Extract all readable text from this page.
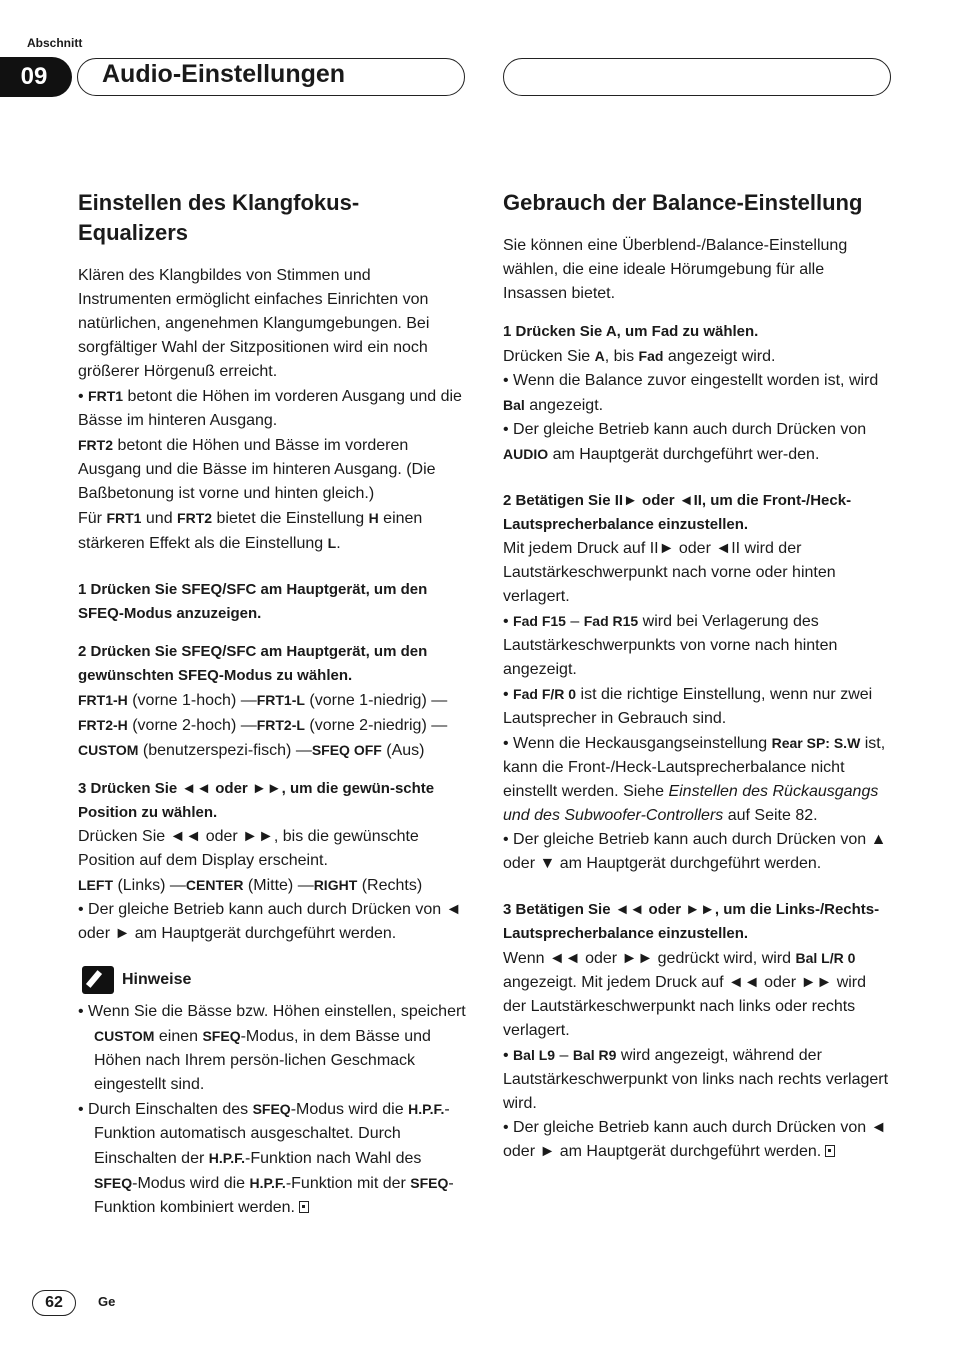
Abschnitt
09	Audio-Einstellungen
Einstellen des Klangfokus-Equalizers

Klären des Klangbildes von Stimmen und Instrumenten ermöglicht einfaches Einrichten von natürlichen, angenehmen Klangumgebungen. Bei sorgfältiger Wahl der Sitzpositionen wird ein noch größerer Hörgenuß erreicht.

• FRT1 betont die Höhen im vorderen Ausgang und die Bässe im hinteren Ausgang.

FRT2 betont die Höhen und Bässe im vorderen Ausgang und die Bässe im hinteren Ausgang. (Die Baßbetonung ist vorne und hinten gleich.)

Für FRT1 und FRT2 bietet die Einstellung H einen stärkeren Effekt als die Einstellung L.

1 Drücken Sie SFEQ/SFC am Hauptgerät, um den SFEQ-Modus anzuzeigen.

2 Drücken Sie SFEQ/SFC am Hauptgerät, um den gewünschten SFEQ-Modus zu wählen.

FRT1-H (vorne 1-hoch) —FRT1-L (vorne 1-niedrig) —FRT2-H (vorne 2-hoch) —FRT2-L (vorne 2-niedrig) —CUSTOM (benutzerspezi-fisch) —SFEQ OFF (Aus)

3 Drücken Sie ◄◄ oder ►►, um die gewün-schte Position zu wählen.

Drücken Sie ◄◄ oder ►►, bis die gewünschte Position auf dem Display erscheint.

LEFT (Links) —CENTER (Mitte) —RIGHT (Rechts)

• Der gleiche Betrieb kann auch durch Drücken von ◄ oder ► am Hauptgerät durchgeführt werden.

Hinweise

• Wenn Sie die Bässe bzw. Höhen einstellen, speichert CUSTOM einen SFEQ-Modus, in dem Bässe und Höhen nach Ihrem persön-lichen Geschmack eingestellt sind.

• Durch Einschalten des SFEQ-Modus wird die H.P.F.-Funktion automatisch ausgeschaltet. Durch Einschalten der H.P.F.-Funktion nach Wahl des SFEQ-Modus wird die H.P.F.-Funktion mit der SFEQ-Funktion kombiniert werden.

Gebrauch der Balance-Einstellung

Sie können eine Überblend-/Balance-Einstellung wählen, die eine ideale Hörumgebung für alle Insassen bietet.

1 Drücken Sie A, um Fad zu wählen.

Drücken Sie A, bis Fad angezeigt wird.

• Wenn die Balance zuvor eingestellt worden ist, wird Bal angezeigt.

• Der gleiche Betrieb kann auch durch Drücken von AUDIO am Hauptgerät durchgeführt wer-den.

2 Betätigen Sie II► oder ◄II, um die Front-/Heck-Lautsprecherbalance einzustellen.

Mit jedem Druck auf II► oder ◄II wird der Lautstärkeschwerpunkt nach vorne oder hinten verlagert.

• Fad F15 – Fad R15 wird bei Verlagerung des Lautstärkeschwerpunkts von vorne nach hinten angezeigt.

• Fad F/R 0 ist die richtige Einstellung, wenn nur zwei Lautsprecher in Gebrauch sind.

• Wenn die Heckausgangseinstellung Rear SP: S.W ist, kann die Front-/Heck-Lautsprecherbalance nicht einstellt werden. Siehe Einstellen des Rückausgangs und des Subwoofer-Controllers auf Seite 82.

• Der gleiche Betrieb kann auch durch Drücken von ▲ oder ▼ am Hauptgerät durchgeführt werden.

3 Betätigen Sie ◄◄ oder ►►, um die Links-/Rechts-Lautsprecherbalance einzustellen.

Wenn ◄◄ oder ►► gedrückt wird, wird Bal L/R 0 angezeigt. Mit jedem Druck auf ◄◄ oder ►► wird der Lautstärkeschwerpunkt nach links oder rechts verlagert.

• Bal L9 – Bal R9 wird angezeigt, während der Lautstärkeschwerpunkt von links nach rechts verlagert wird.

• Der gleiche Betrieb kann auch durch Drücken von ◄ oder ► am Hauptgerät durchgeführt werden.

62	Ge
